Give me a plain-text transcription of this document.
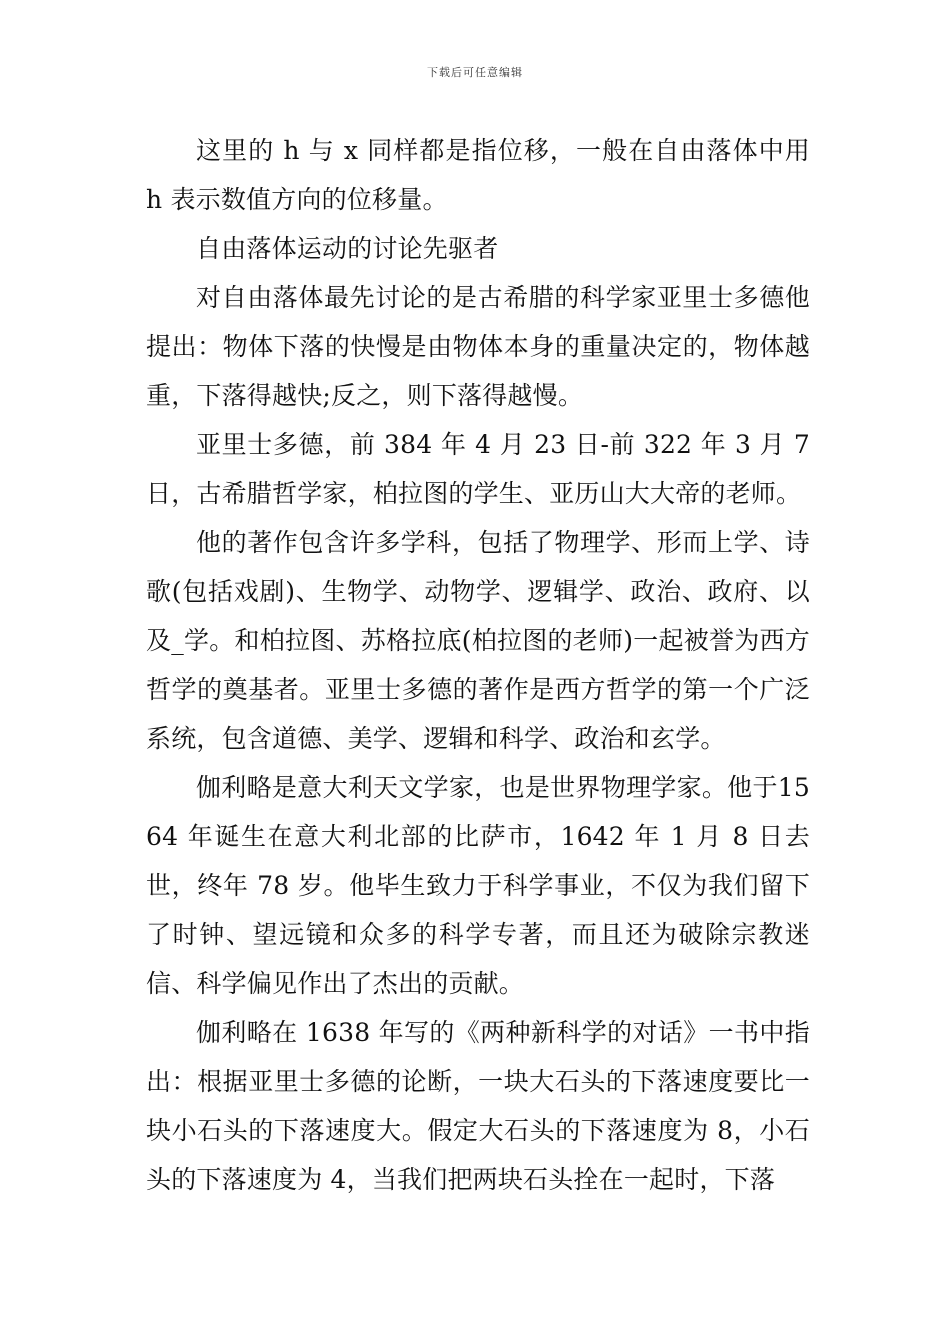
下载后可任意编辑

这里的 h 与 x 同样都是指位移，一般在自由落体中用 h 表示数值方向的位移量。

自由落体运动的讨论先驱者

对自由落体最先讨论的是古希腊的科学家亚里士多德他提出：物体下落的快慢是由物体本身的重量决定的，物体越重，下落得越快;反之，则下落得越慢。

亚里士多德，前 384 年 4 月 23 日-前 322 年 3 月 7 日，古希腊哲学家，柏拉图的学生、亚历山大大帝的老师。

他的著作包含许多学科，包括了物理学、形而上学、诗歌(包括戏剧)、生物学、动物学、逻辑学、政治、政府、以及_学。和柏拉图、苏格拉底(柏拉图的老师)一起被誉为西方哲学的奠基者。亚里士多德的著作是西方哲学的第一个广泛系统，包含道德、美学、逻辑和科学、政治和玄学。

伽利略是意大利天文学家，也是世界物理学家。他于1564 年诞生在意大利北部的比萨市，1642 年 1 月 8 日去世，终年 78 岁。他毕生致力于科学事业，不仅为我们留下了时钟、望远镜和众多的科学专著，而且还为破除宗教迷信、科学偏见作出了杰出的贡献。

伽利略在 1638 年写的《两种新科学的对话》一书中指出：根据亚里士多德的论断，一块大石头的下落速度要比一块小石头的下落速度大。假定大石头的下落速度为 8，小石头的下落速度为 4，当我们把两块石头拴在一起时，下落
